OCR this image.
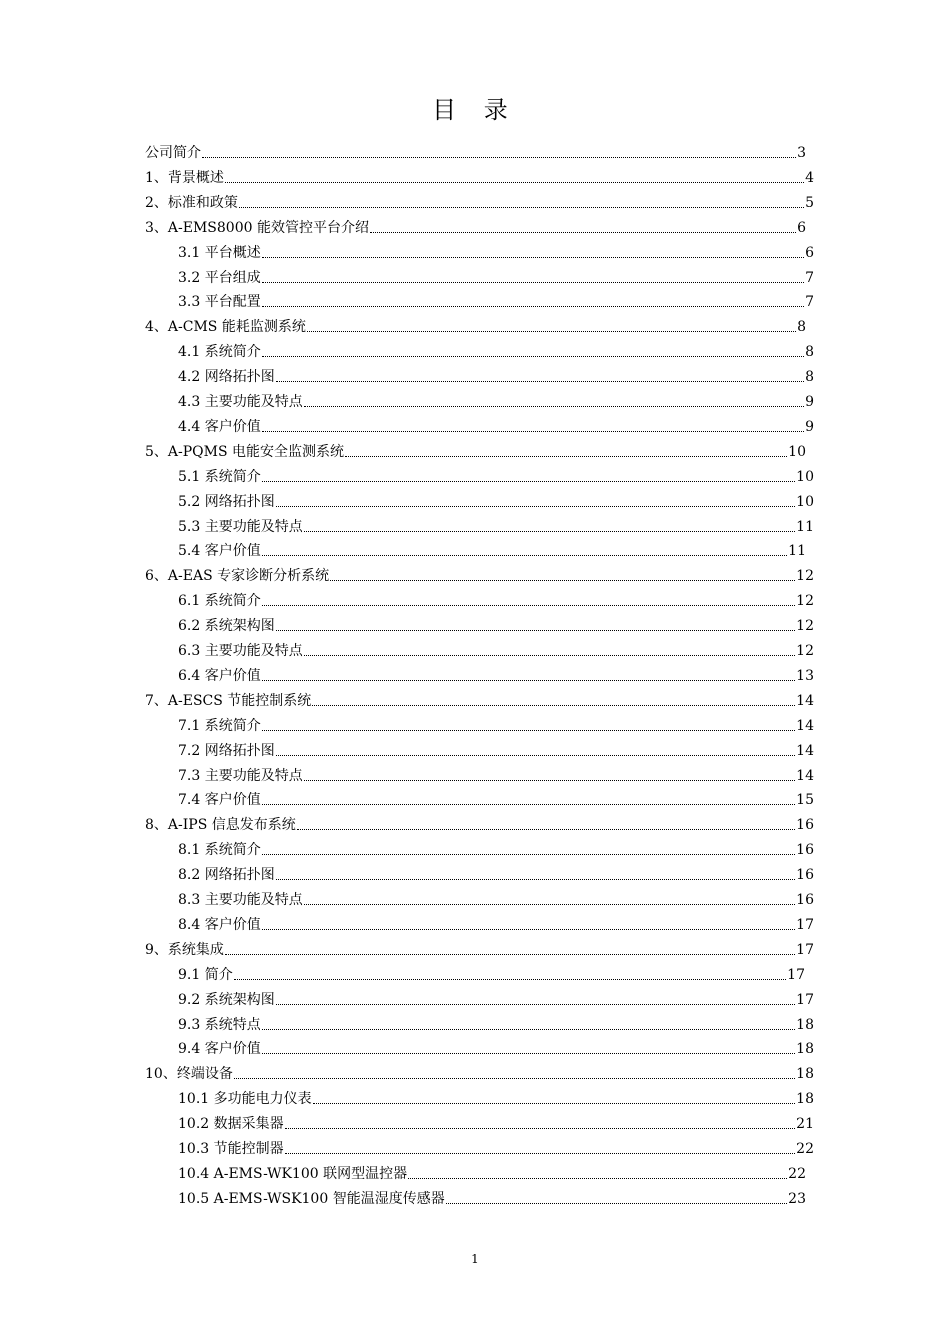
目 录
公司简介	3
1、背景概述	4
2、标准和政策	5
3、A-EMS8000 能效管控平台介绍	6
3.1 平台概述	6
3.2 平台组成	7
3.3 平台配置	7
4、A-CMS 能耗监测系统	8
4.1 系统简介	8
4.2 网络拓扑图	8
4.3 主要功能及特点	9
4.4 客户价值	9
5、A-PQMS 电能安全监测系统	10
5.1 系统简介	10
5.2 网络拓扑图	10
5.3 主要功能及特点	11
5.4 客户价值	11
6、A-EAS 专家诊断分析系统	12
6.1 系统简介	12
6.2 系统架构图	12
6.3 主要功能及特点	12
6.4 客户价值	13
7、A-ESCS 节能控制系统	14
7.1 系统简介	14
7.2 网络拓扑图	14
7.3 主要功能及特点	14
7.4 客户价值	15
8、A-IPS 信息发布系统	16
8.1 系统简介	16
8.2 网络拓扑图	16
8.3 主要功能及特点	16
8.4 客户价值	17
9、系统集成	17
9.1 简介	17
9.2 系统架构图	17
9.3 系统特点	18
9.4 客户价值	18
10、终端设备	18
10.1 多功能电力仪表	18
10.2 数据采集器	21
10.3 节能控制器	22
10.4 A-EMS-WK100 联网型温控器	22
10.5 A-EMS-WSK100 智能温湿度传感器	23
1
